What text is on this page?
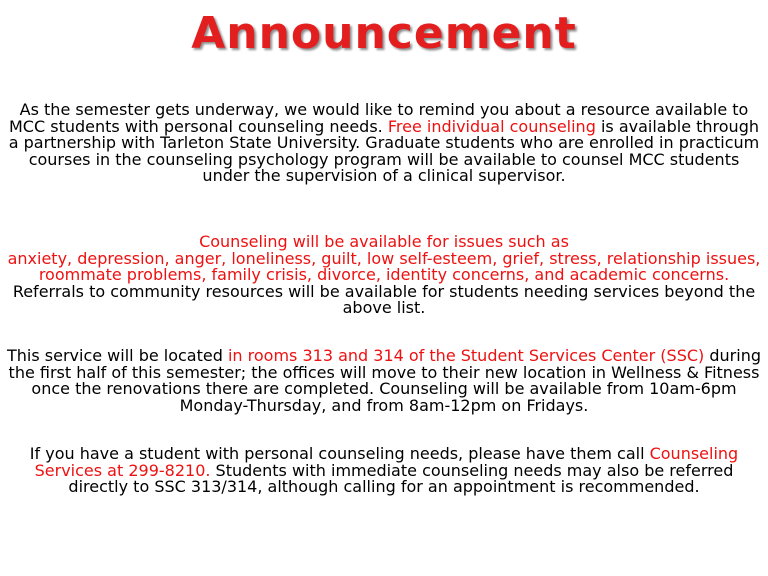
Announcement

As the semester gets underway, we would like to remind you about a resource available to MCC students with personal counseling needs. Free individual counseling is available through a partnership with Tarleton State University. Graduate students who are enrolled in practicum courses in the counseling psychology program will be available to counsel MCC students under the supervision of a clinical supervisor.

Counseling will be available for issues such as
anxiety, depression, anger, loneliness, guilt, low self-esteem, grief, stress, relationship issues, roommate problems, family crisis, divorce, identity concerns, and academic concerns. Referrals to community resources will be available for students needing services beyond the above list.

This service will be located in rooms 313 and 314 of the Student Services Center (SSC) during the first half of this semester; the offices will move to their new location in Wellness & Fitness once the renovations there are completed. Counseling will be available from 10am-6pm Monday-Thursday, and from 8am-12pm on Fridays.

If you have a student with personal counseling needs, please have them call Counseling Services at 299-8210. Students with immediate counseling needs may also be referred directly to SSC 313/314, although calling for an appointment is recommended.
